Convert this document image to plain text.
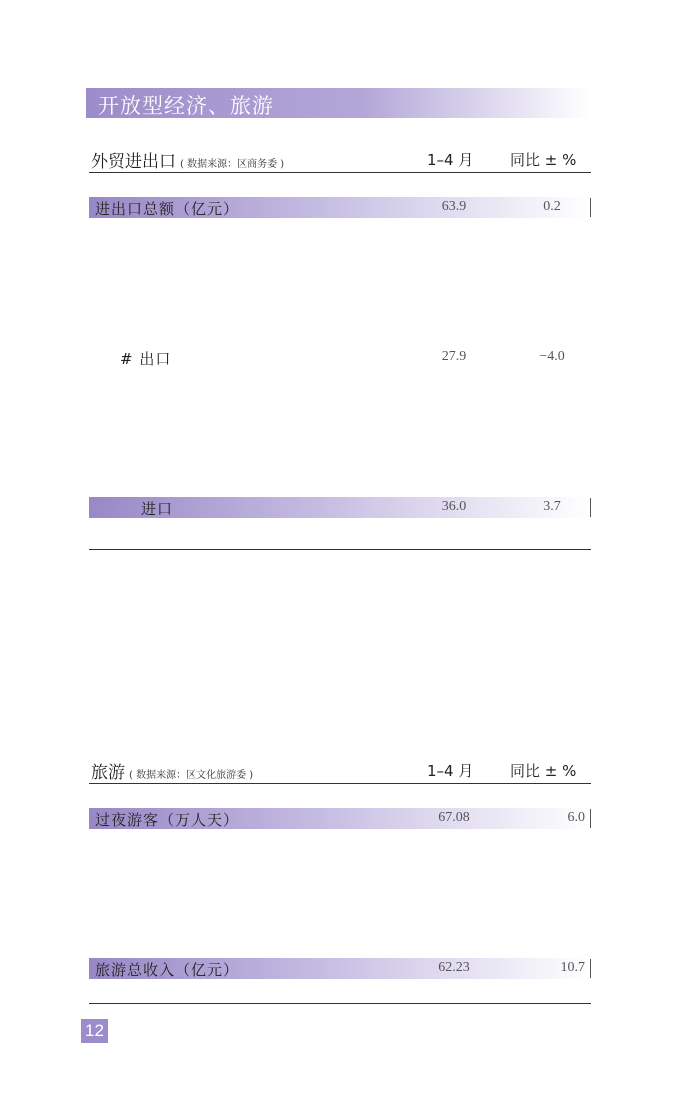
开放型经济、旅游
外贸进出口 ( 数据来源：区商务委 )	1–4 月 同比 ± %
进出口总额（亿元）	63.9	0.2
# 出口	27.9	−4.0
进口	36.0	3.7
旅游 ( 数据来源：区文化旅游委 )	1–4 月 同比 ± %
过夜游客（万人天）	67.08	6.0
旅游总收入（亿元）	62.23	10.7
12
